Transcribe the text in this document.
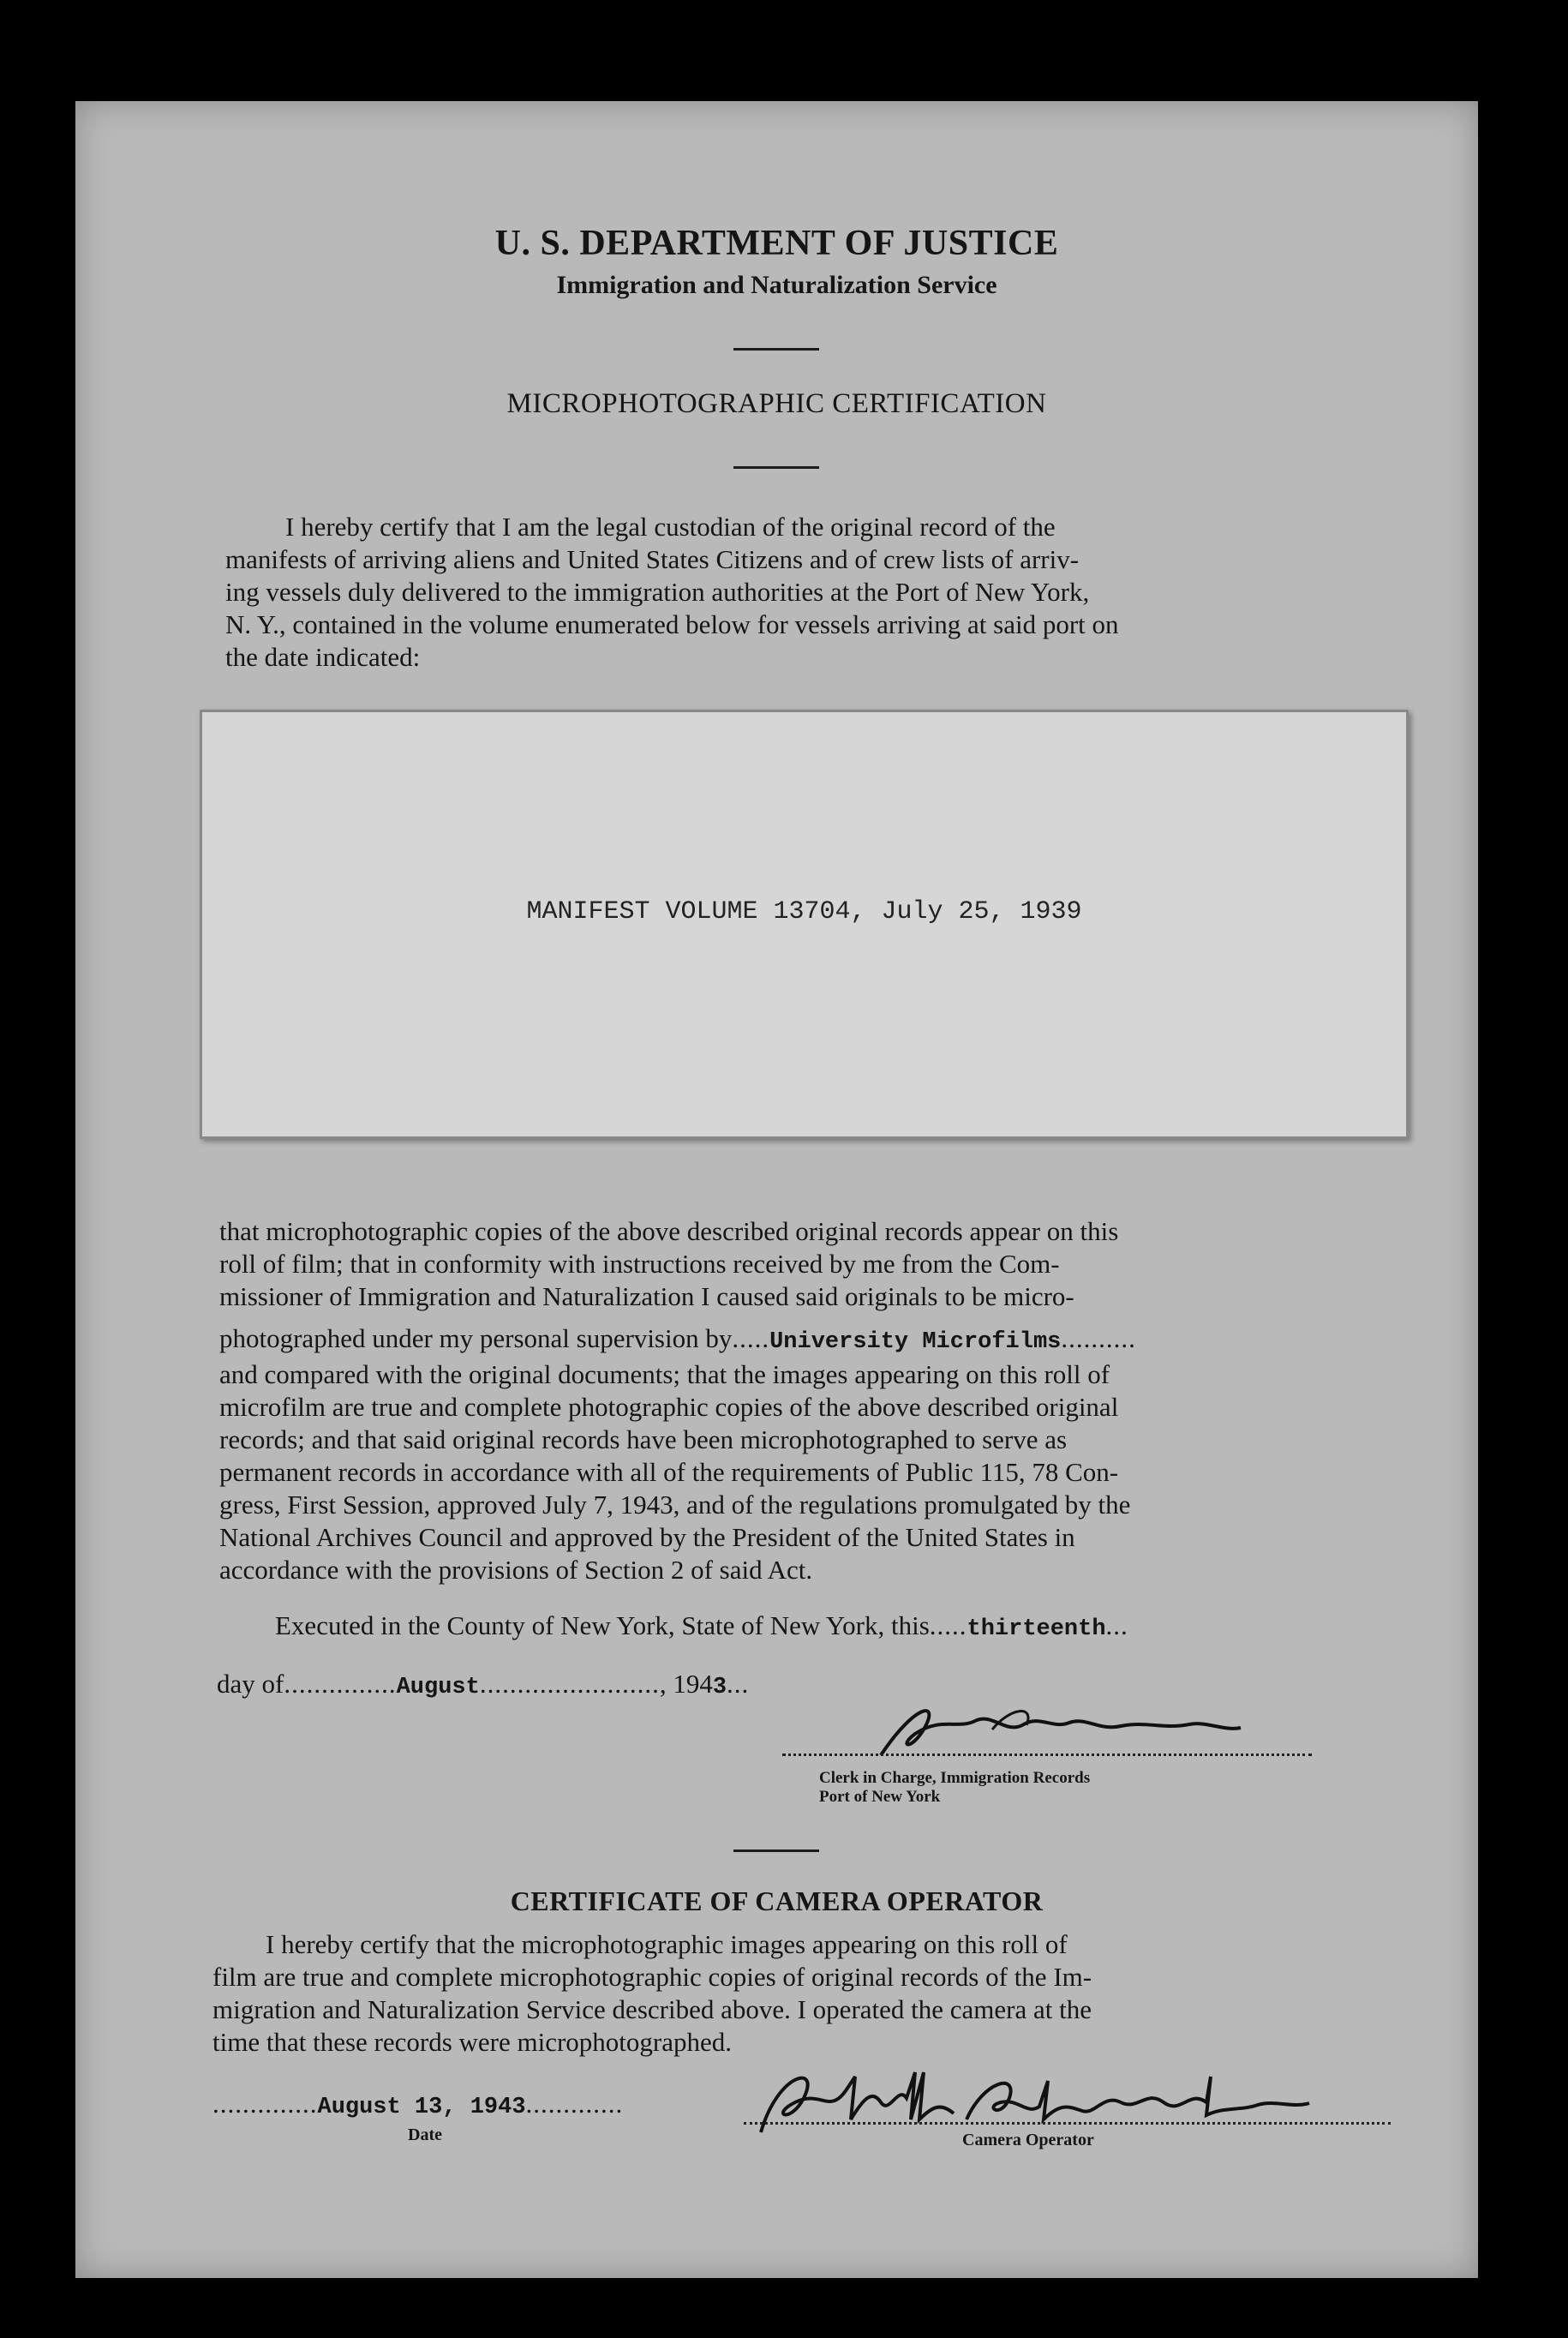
U. S. DEPARTMENT OF JUSTICE
Immigration and Naturalization Service
MICROPHOTOGRAPHIC CERTIFICATION
I hereby certify that I am the legal custodian of the original record of the
manifests of arriving aliens and United States Citizens and of crew lists of arriv-
ing vessels duly delivered to the immigration authorities at the Port of New York,
N. Y., contained in the volume enumerated below for vessels arriving at said port on
the date indicated:
MANIFEST VOLUME 13704, July 25, 1939
that microphotographic copies of the above described original records appear on this
roll of film; that in conformity with instructions received by me from the Com-
missioner of Immigration and Naturalization I caused said originals to be micro-
photographed under my personal supervision by.....University Microfilms..........
and compared with the original documents; that the images appearing on this roll of
microfilm are true and complete photographic copies of the above described original
records; and that said original records have been microphotographed to serve as
permanent records in accordance with all of the requirements of Public 115, 78 Con-
gress, First Session, approved July 7, 1943, and of the regulations promulgated by the
National Archives Council and approved by the President of the United States in
accordance with the provisions of Section 2 of said Act.
Executed in the County of New York, State of New York, this.....thirteenth...
day of...............August........................, 1943...
Clerk in Charge, Immigration Records
Port of New York
CERTIFICATE OF CAMERA OPERATOR
I hereby certify that the microphotographic images appearing on this roll of
film are true and complete microphotographic copies of original records of the Im-
migration and Naturalization Service described above. I operated the camera at the
time that these records were microphotographed.
..............August 13, 1943.............
Date	Camera Operator
